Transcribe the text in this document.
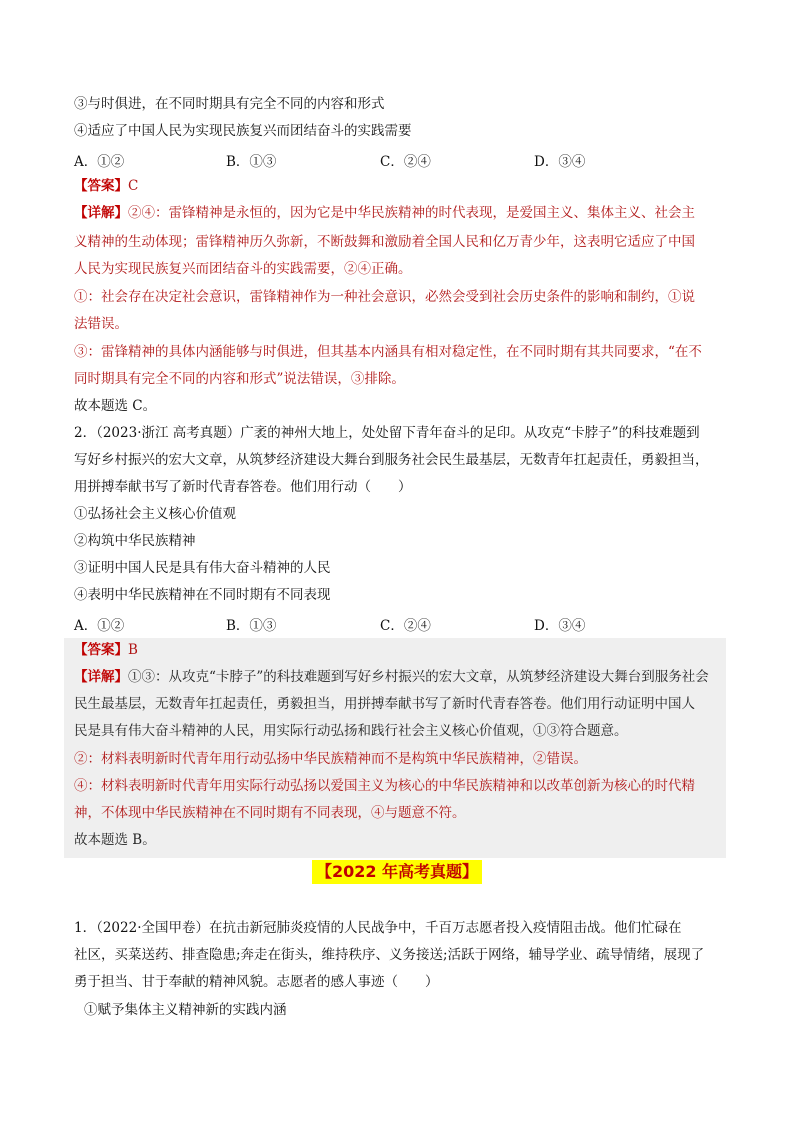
③与时俱进，在不同时期具有完全不同的内容和形式
④适应了中国人民为实现民族复兴而团结奋斗的实践需要
A．①②	B．①③	C．②④	D．③④
【答案】C
【详解】②④：雷锋精神是永恒的，因为它是中华民族精神的时代表现，是爱国主义、集体主义、社会主
义精神的生动体现；雷锋精神历久弥新，不断鼓舞和激励着全国人民和亿万青少年，这表明它适应了中国
人民为实现民族复兴而团结奋斗的实践需要，②④正确。
①：社会存在决定社会意识，雷锋精神作为一种社会意识，必然会受到社会历史条件的影响和制约，①说
法错误。
③：雷锋精神的具体内涵能够与时俱进，但其基本内涵具有相对稳定性，在不同时期有其共同要求，“在不
同时期具有完全不同的内容和形式”说法错误，③排除。
故本题选 C。
2．（2023·浙江 高考真题）广袤的神州大地上，处处留下青年奋斗的足印。从攻克“卡脖子”的科技难题到
写好乡村振兴的宏大文章，从筑梦经济建设大舞台到服务社会民生最基层，无数青年扛起责任，勇毅担当，
用拼搏奉献书写了新时代青春答卷。他们用行动（　　）
①弘扬社会主义核心价值观
②构筑中华民族精神
③证明中国人民是具有伟大奋斗精神的人民
④表明中华民族精神在不同时期有不同表现
A．①②	B．①③	C．②④	D．③④
【答案】B
【详解】①③：从攻克“卡脖子”的科技难题到写好乡村振兴的宏大文章，从筑梦经济建设大舞台到服务社会
民生最基层，无数青年扛起责任，勇毅担当，用拼搏奉献书写了新时代青春答卷。他们用行动证明中国人
民是具有伟大奋斗精神的人民，用实际行动弘扬和践行社会主义核心价值观，①③符合题意。
②：材料表明新时代青年用行动弘扬中华民族精神而不是构筑中华民族精神，②错误。
④：材料表明新时代青年用实际行动弘扬以爱国主义为核心的中华民族精神和以改革创新为核心的时代精
神，不体现中华民族精神在不同时期有不同表现，④与题意不符。
故本题选 B。
【2022 年高考真题】
1．（2022·全国甲卷）在抗击新冠肺炎疫情的人民战争中，千百万志愿者投入疫情阻击战。他们忙碌在
社区，买菜送药、排查隐患;奔走在街头，维持秩序、义务接送;活跃于网络，辅导学业、疏导情绪，展现了
勇于担当、甘于奉献的精神风貌。志愿者的感人事迹（　　）
①赋予集体主义精神新的实践内涵
